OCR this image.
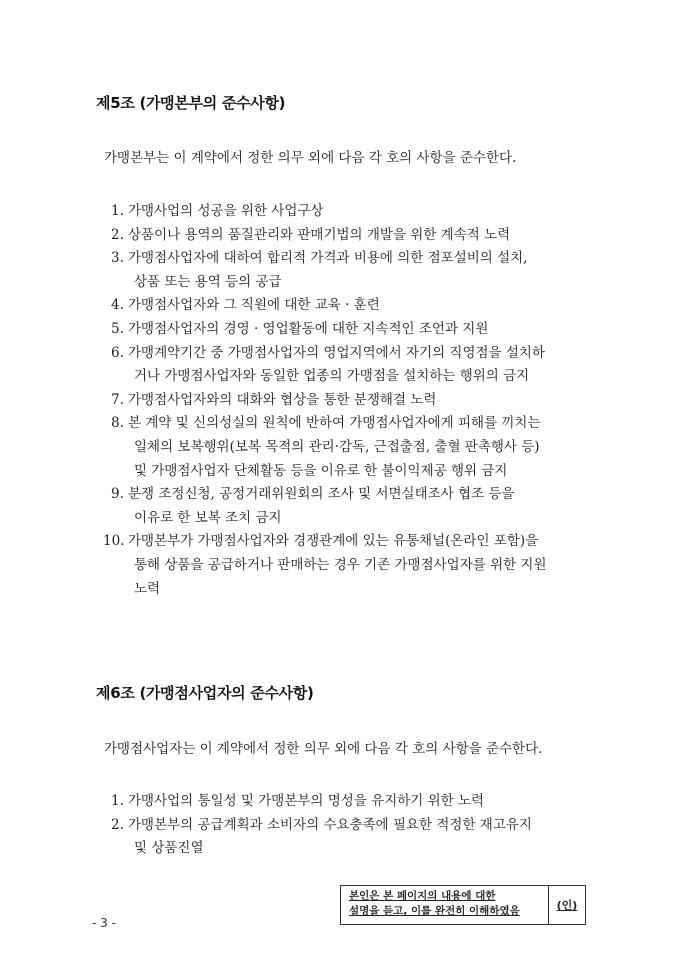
제5조 (가맹본부의 준수사항)
가맹본부는 이 계약에서 정한 의무 외에 다음 각 호의 사항을 준수한다.
1. 가맹사업의 성공을 위한 사업구상
2. 상품이나 용역의 품질관리와 판매기법의 개발을 위한 계속적 노력
3. 가맹점사업자에 대하여 합리적 가격과 비용에 의한 점포설비의 설치,
상품 또는 용역 등의 공급
4. 가맹점사업자와 그 직원에 대한 교육 · 훈련
5. 가맹점사업자의 경영 · 영업활동에 대한 지속적인 조언과 지원
6. 가맹계약기간 중 가맹점사업자의 영업지역에서 자기의 직영점을 설치하
거나 가맹점사업자와 동일한 업종의 가맹점을 설치하는 행위의 금지
7. 가맹점사업자와의 대화와 협상을 통한 분쟁해결 노력
8. 본 계약 및 신의성실의 원칙에 반하여 가맹점사업자에게 피해를 끼치는
일체의 보복행위(보복 목적의 관리·감독, 근접출점, 출혈 판촉행사 등)
및 가맹점사업자 단체활동 등을 이유로 한 불이익제공 행위 금지
9. 분쟁 조정신청, 공정거래위원회의 조사 및 서면실태조사 협조 등을
이유로 한 보복 조치 금지
10. 가맹본부가 가맹점사업자와 경쟁관계에 있는 유통채널(온라인 포함)을
통해 상품을 공급하거나 판매하는 경우 기존 가맹점사업자를 위한 지원
노력
제6조 (가맹점사업자의 준수사항)
가맹점사업자는 이 계약에서 정한 의무 외에 다음 각 호의 사항을 준수한다.
1. 가맹사업의 통일성 및 가맹본부의 명성을 유지하기 위한 노력
2. 가맹본부의 공급계획과 소비자의 수요충족에 필요한 적정한 재고유지
및 상품진열
본인은 본 페이지의 내용에 대한
설명을 듣고, 이를 완전히 이해하였음	(인)
- 3 -
